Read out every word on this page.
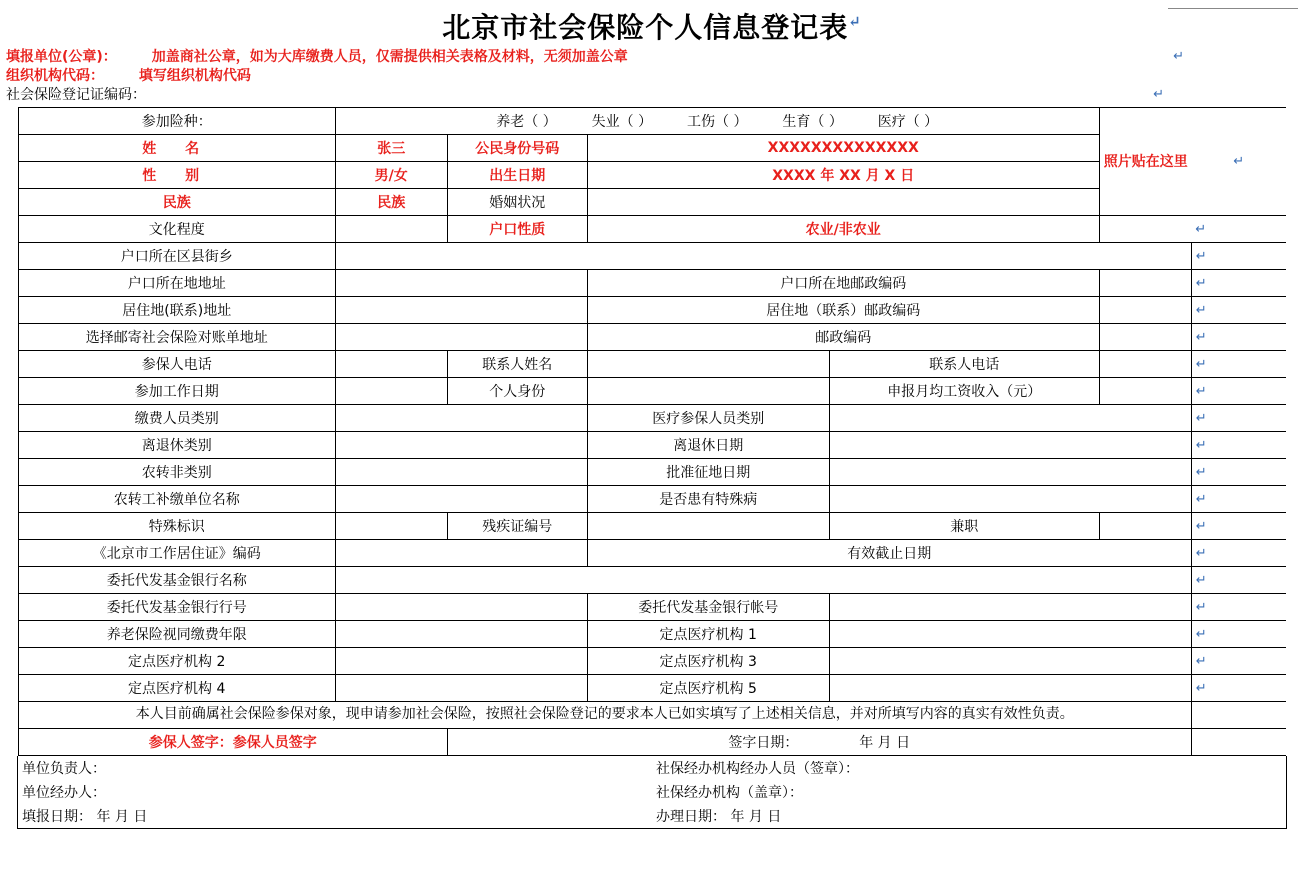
北京市社会保险个人信息登记表↵
填报单位(公章)： 加盖商社公章，如为大库缴费人员，仅需提供相关表格及材料，无须加盖公章	↵
组织机构代码： 填写组织机构代码
社会保险登记证编码：	↵
参加险种：	养老（ ） 失业（ ） 工伤（ ） 生育（ ） 医疗（ ）				照片贴在这里	↵
姓 名	张三	公民身份号码	XXXXXXXXXXXXXX			
性 别	男/女	出生日期	XXXX 年 XX 月 X 日			
民族	民族	婚姻状况				
文化程度		户口性质	农业/非农业			↵
户口所在区县街乡						↵
户口所在地地址			户口所在地邮政编码			↵
居住地(联系)地址			居住地（联系）邮政编码			↵
选择邮寄社会保险对账单地址			邮政编码			↵
参保人电话		联系人姓名		联系人电话		↵
参加工作日期		个人身份		申报月均工资收入（元）		↵
缴费人员类别			医疗参保人员类别			↵
离退休类别			离退休日期			↵
农转非类别			批准征地日期			↵
农转工补缴单位名称			是否患有特殊病			↵
特殊标识		残疾证编号		兼职		↵
《北京市工作居住证》编码			有效截止日期			↵
委托代发基金银行名称						↵
委托代发基金银行行号			委托代发基金银行帐号			↵
养老保险视同缴费年限			定点医疗机构 1			↵
定点医疗机构 2			定点医疗机构 3			↵
定点医疗机构 4			定点医疗机构 5			↵
本人目前确属社会保险参保对象，现申请参加社会保险，按照社会保险登记的要求本人已如实填写了上述相关信息，并对所填写内容的真实有效性负责。						
参保人签字：参保人员签字		签字日期： 年 月 日				
单位负责人：	社保经办机构经办人员（签章）：
单位经办人：	社保经办机构（盖章）：
填报日期： 年 月 日	办理日期： 年 月 日
